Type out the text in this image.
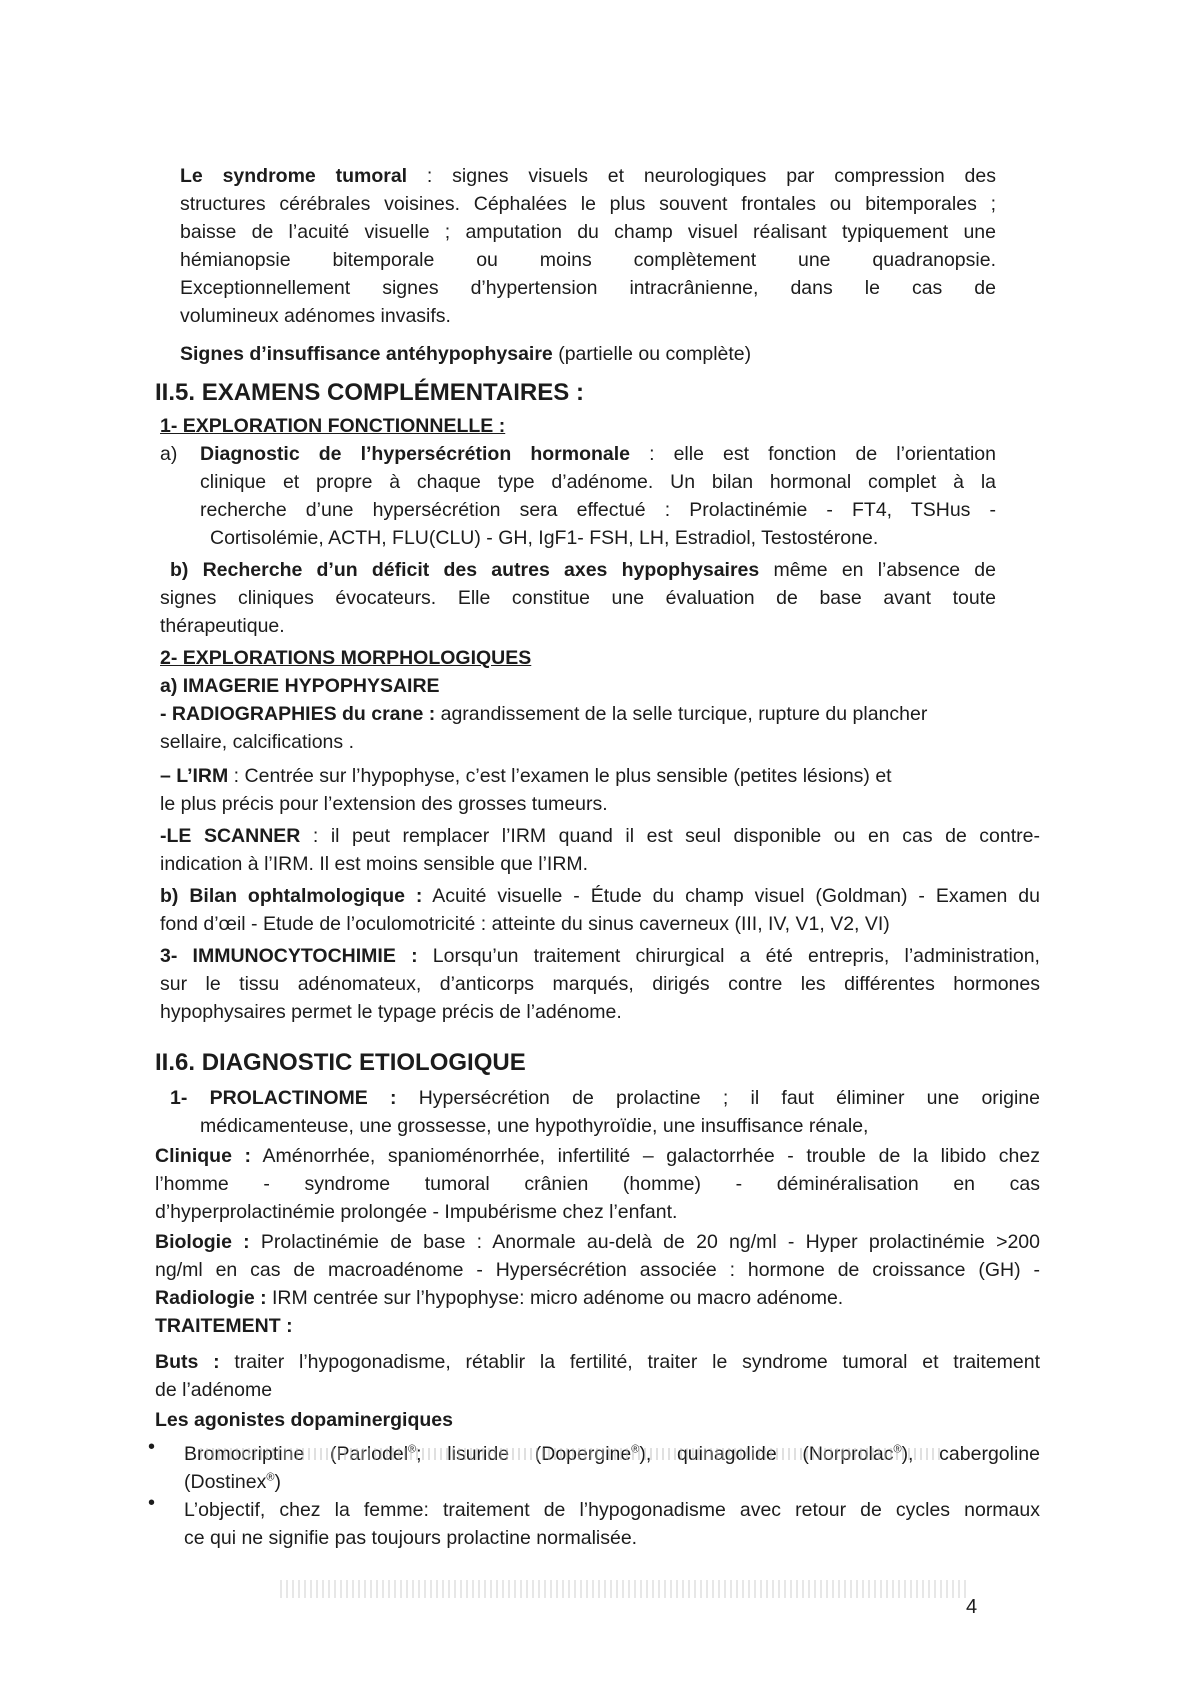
Le syndrome tumoral : signes visuels et neurologiques par compression des
structures cérébrales voisines. Céphalées le plus souvent frontales ou bitemporales ;
baisse de l’acuité visuelle ; amputation du champ visuel réalisant typiquement une
hémianopsie bitemporale ou moins complètement une quadranopsie.
Exceptionnellement signes d’hypertension intracrânienne, dans le cas de
volumineux adénomes invasifs.
Signes d’insuffisance antéhypophysaire (partielle ou complète)
II.5. EXAMENS COMPLÉMENTAIRES :
1- EXPLORATION FONCTIONNELLE :
a) Diagnostic de l’hypersécrétion hormonale : elle est fonction de l’orientation
clinique et propre à chaque type d’adénome. Un bilan hormonal complet à la
recherche d’une hypersécrétion sera effectué : Prolactinémie - FT4, TSHus -
Cortisolémie, ACTH, FLU(CLU) - GH, IgF1- FSH, LH, Estradiol, Testostérone.
b) Recherche d’un déficit des autres axes hypophysaires même en l’absence de
signes cliniques évocateurs. Elle constitue une évaluation de base avant toute
thérapeutique.
2- EXPLORATIONS MORPHOLOGIQUES
a) IMAGERIE HYPOPHYSAIRE
- RADIOGRAPHIES du crane : agrandissement de la selle turcique, rupture du plancher
sellaire, calcifications .
– L’IRM : Centrée sur l’hypophyse, c’est l’examen le plus sensible (petites lésions) et
le plus précis pour l’extension des grosses tumeurs.
-LE SCANNER : il peut remplacer l’IRM quand il est seul disponible ou en cas de contre-
indication à l’IRM. Il est moins sensible que l’IRM.
b) Bilan ophtalmologique : Acuité visuelle - Étude du champ visuel (Goldman) - Examen du
fond d’œil - Etude de l’oculomotricité : atteinte du sinus caverneux (III, IV, V1, V2, VI)
3- IMMUNOCYTOCHIMIE : Lorsqu’un traitement chirurgical a été entrepris, l’administration,
sur le tissu adénomateux, d’anticorps marqués, dirigés contre les différentes hormones
hypophysaires permet le typage précis de l’adénome.
II.6. DIAGNOSTIC ETIOLOGIQUE
1- PROLACTINOME : Hypersécrétion de prolactine ; il faut éliminer une origine
médicamenteuse, une grossesse, une hypothyroïdie, une insuffisance rénale,
Clinique : Aménorrhée, spanioménorrhée, infertilité – galactorrhée - trouble de la libido chez
l’homme - syndrome tumoral crânien (homme) - déminéralisation en cas
d’hyperprolactinémie prolongée - Impubérisme chez l’enfant.
Biologie : Prolactinémie de base : Anormale au-delà de 20 ng/ml - Hyper prolactinémie >200
ng/ml en cas de macroadénome - Hypersécrétion associée : hormone de croissance (GH) -
Radiologie : IRM centrée sur l’hypophyse: micro adénome ou macro adénome.
TRAITEMENT :
Buts : traiter l’hypogonadisme, rétablir la fertilité, traiter le syndrome tumoral et traitement
de l’adénome
Les agonistes dopaminergiques
• Bromocriptine (Parlodel®; lisuride (Dopergine®), quinagolide (Norprolac®), cabergoline
(Dostinex®)
• L’objectif, chez la femme: traitement de l’hypogonadisme avec retour de cycles normaux
ce qui ne signifie pas toujours prolactine normalisée.
4
